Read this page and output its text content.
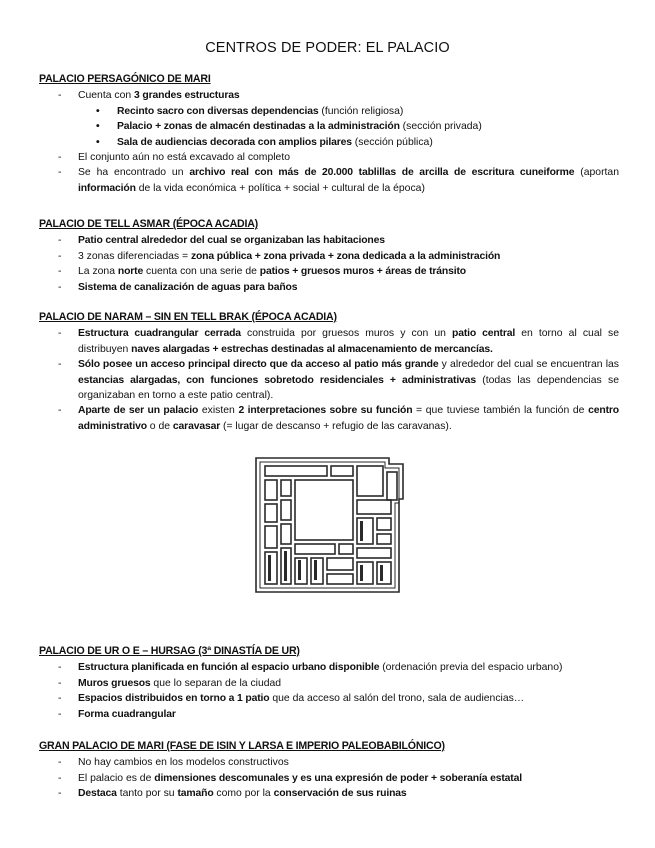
CENTROS DE PODER: EL PALACIO
PALACIO PERSAGÓNICO DE MARI
- Cuenta con 3 grandes estructuras
• Recinto sacro con diversas dependencias (función religiosa)
• Palacio + zonas de almacén destinadas a la administración (sección privada)
• Sala de audiencias decorada con amplios pilares (sección pública)
- El conjunto aún no está excavado al completo
- Se ha encontrado un archivo real con más de 20.000 tablillas de arcilla de escritura cuneiforme (aportan información de la vida económica + política + social + cultural de la época)
PALACIO DE TELL ASMAR (ÉPOCA ACADIA)
- Patio central alrededor del cual se organizaban las habitaciones
- 3 zonas diferenciadas = zona pública + zona privada + zona dedicada a la administración
- La zona norte cuenta con una serie de patios + gruesos muros + áreas de tránsito
- Sistema de canalización de aguas para baños
PALACIO DE NARAM – SIN EN TELL BRAK (ÉPOCA ACADIA)
- Estructura cuadrangular cerrada construida por gruesos muros y con un patio central en torno al cual se distribuyen naves alargadas + estrechas destinadas al almacenamiento de mercancías.
- Sólo posee un acceso principal directo que da acceso al patio más grande y alrededor del cual se encuentran las estancias alargadas, con funciones sobretodo residenciales + administrativas (todas las dependencias se organizaban en torno a este patio central).
- Aparte de ser un palacio existen 2 interpretaciones sobre su función = que tuviese también la función de centro administrativo o de caravasar (= lugar de descanso + refugio de las caravanas).
PALACIO DE UR O E – HURSAG (3ª DINASTÍA DE UR)
- Estructura planificada en función al espacio urbano disponible (ordenación previa del espacio urbano)
- Muros gruesos que lo separan de la ciudad
- Espacios distribuidos en torno a 1 patio que da acceso al salón del trono, sala de audiencias…
- Forma cuadrangular
GRAN PALACIO DE MARI (FASE DE ISIN Y LARSA E IMPERIO PALEOBABILÓNICO)
- No hay cambios en los modelos constructivos
- El palacio es de dimensiones descomunales y es una expresión de poder + soberanía estatal
- Destaca tanto por su tamaño como por la conservación de sus ruinas
